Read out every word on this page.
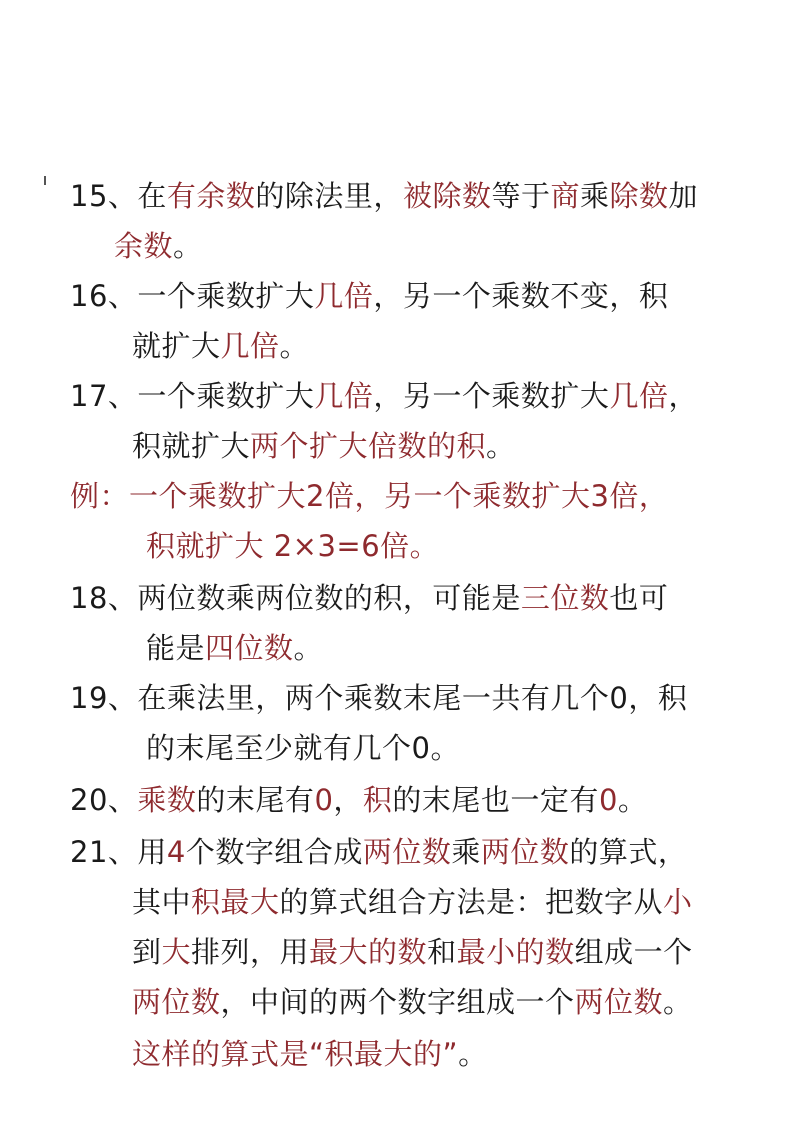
15、在有余数的除法里，被除数等于商乘除数加
余数。
16、一个乘数扩大几倍，另一个乘数不变，积
就扩大几倍。
17、一个乘数扩大几倍，另一个乘数扩大几倍，
积就扩大两个扩大倍数的积。
例：一个乘数扩大2倍，另一个乘数扩大3倍，
积就扩大 2×3=6倍。
18、两位数乘两位数的积，可能是三位数也可
能是四位数。
19、在乘法里，两个乘数末尾一共有几个0，积
的末尾至少就有几个0。
20、乘数的末尾有0，积的末尾也一定有0。
21、用4个数字组合成两位数乘两位数的算式，
其中积最大的算式组合方法是：把数字从小
到大排列，用最大的数和最小的数组成一个
两位数，中间的两个数字组成一个两位数。
这样的算式是“积最大的”。
